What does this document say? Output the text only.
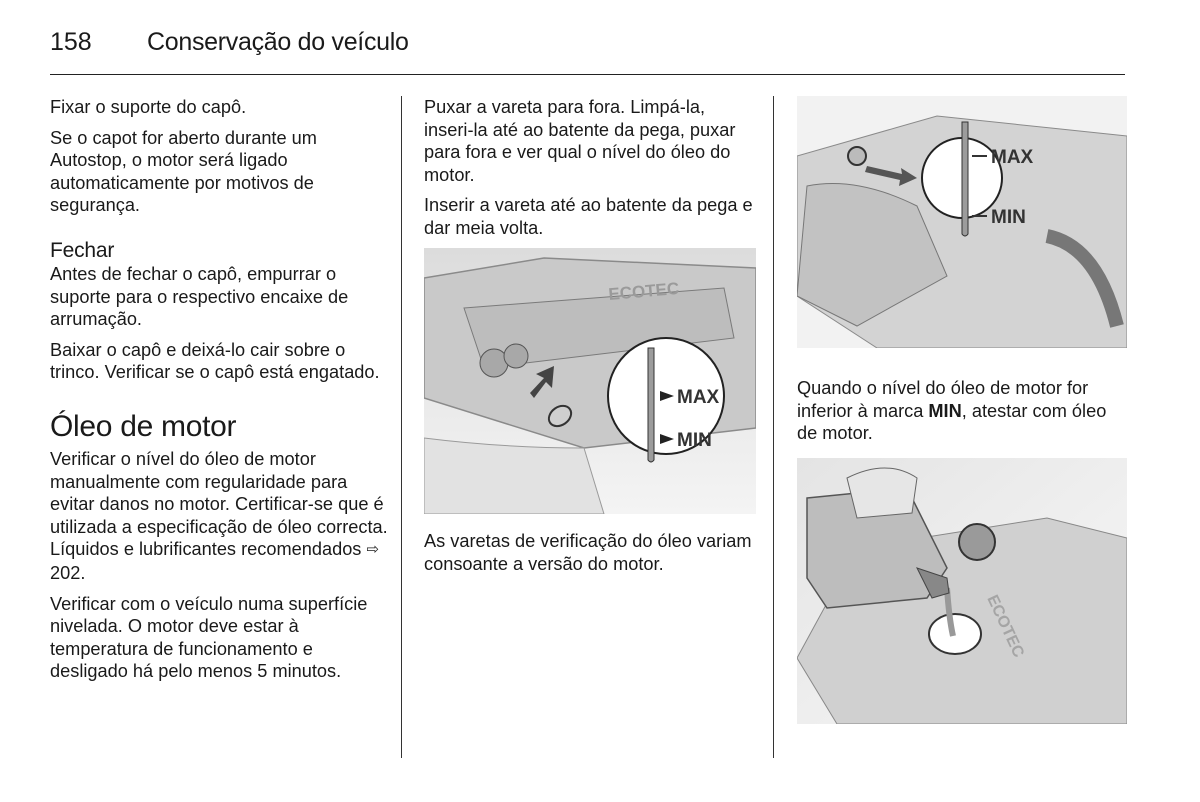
158 Conservação do veículo

Fixar o suporte do capô.

Se o capot for aberto durante um Autostop, o motor será ligado automaticamente por motivos de segurança.

Fechar

Antes de fechar o capô, empurrar o suporte para o respectivo encaixe de arrumação.

Baixar o capô e deixá-lo cair sobre o trinco. Verificar se o capô está engatado.

Óleo de motor

Verificar o nível do óleo de motor manualmente com regularidade para evitar danos no motor. Certificar-se que é utilizada a especificação de óleo correcta. Líquidos e lubrificantes recomendados ⇨ 202.

Verificar com o veículo numa superfície nivelada. O motor deve estar à temperatura de funcionamento e desligado há pelo menos 5 minutos.

Puxar a vareta para fora. Limpá-la, inseri-la até ao batente da pega, puxar para fora e ver qual o nível do óleo do motor.

Inserir a vareta até ao batente da pega e dar meia volta.

ECOTEC
MAX
MIN

As varetas de verificação do óleo variam consoante a versão do motor.

MAX
MIN

Quando o nível do óleo de motor for inferior à marca MIN, atestar com óleo de motor.

ECOTEC
